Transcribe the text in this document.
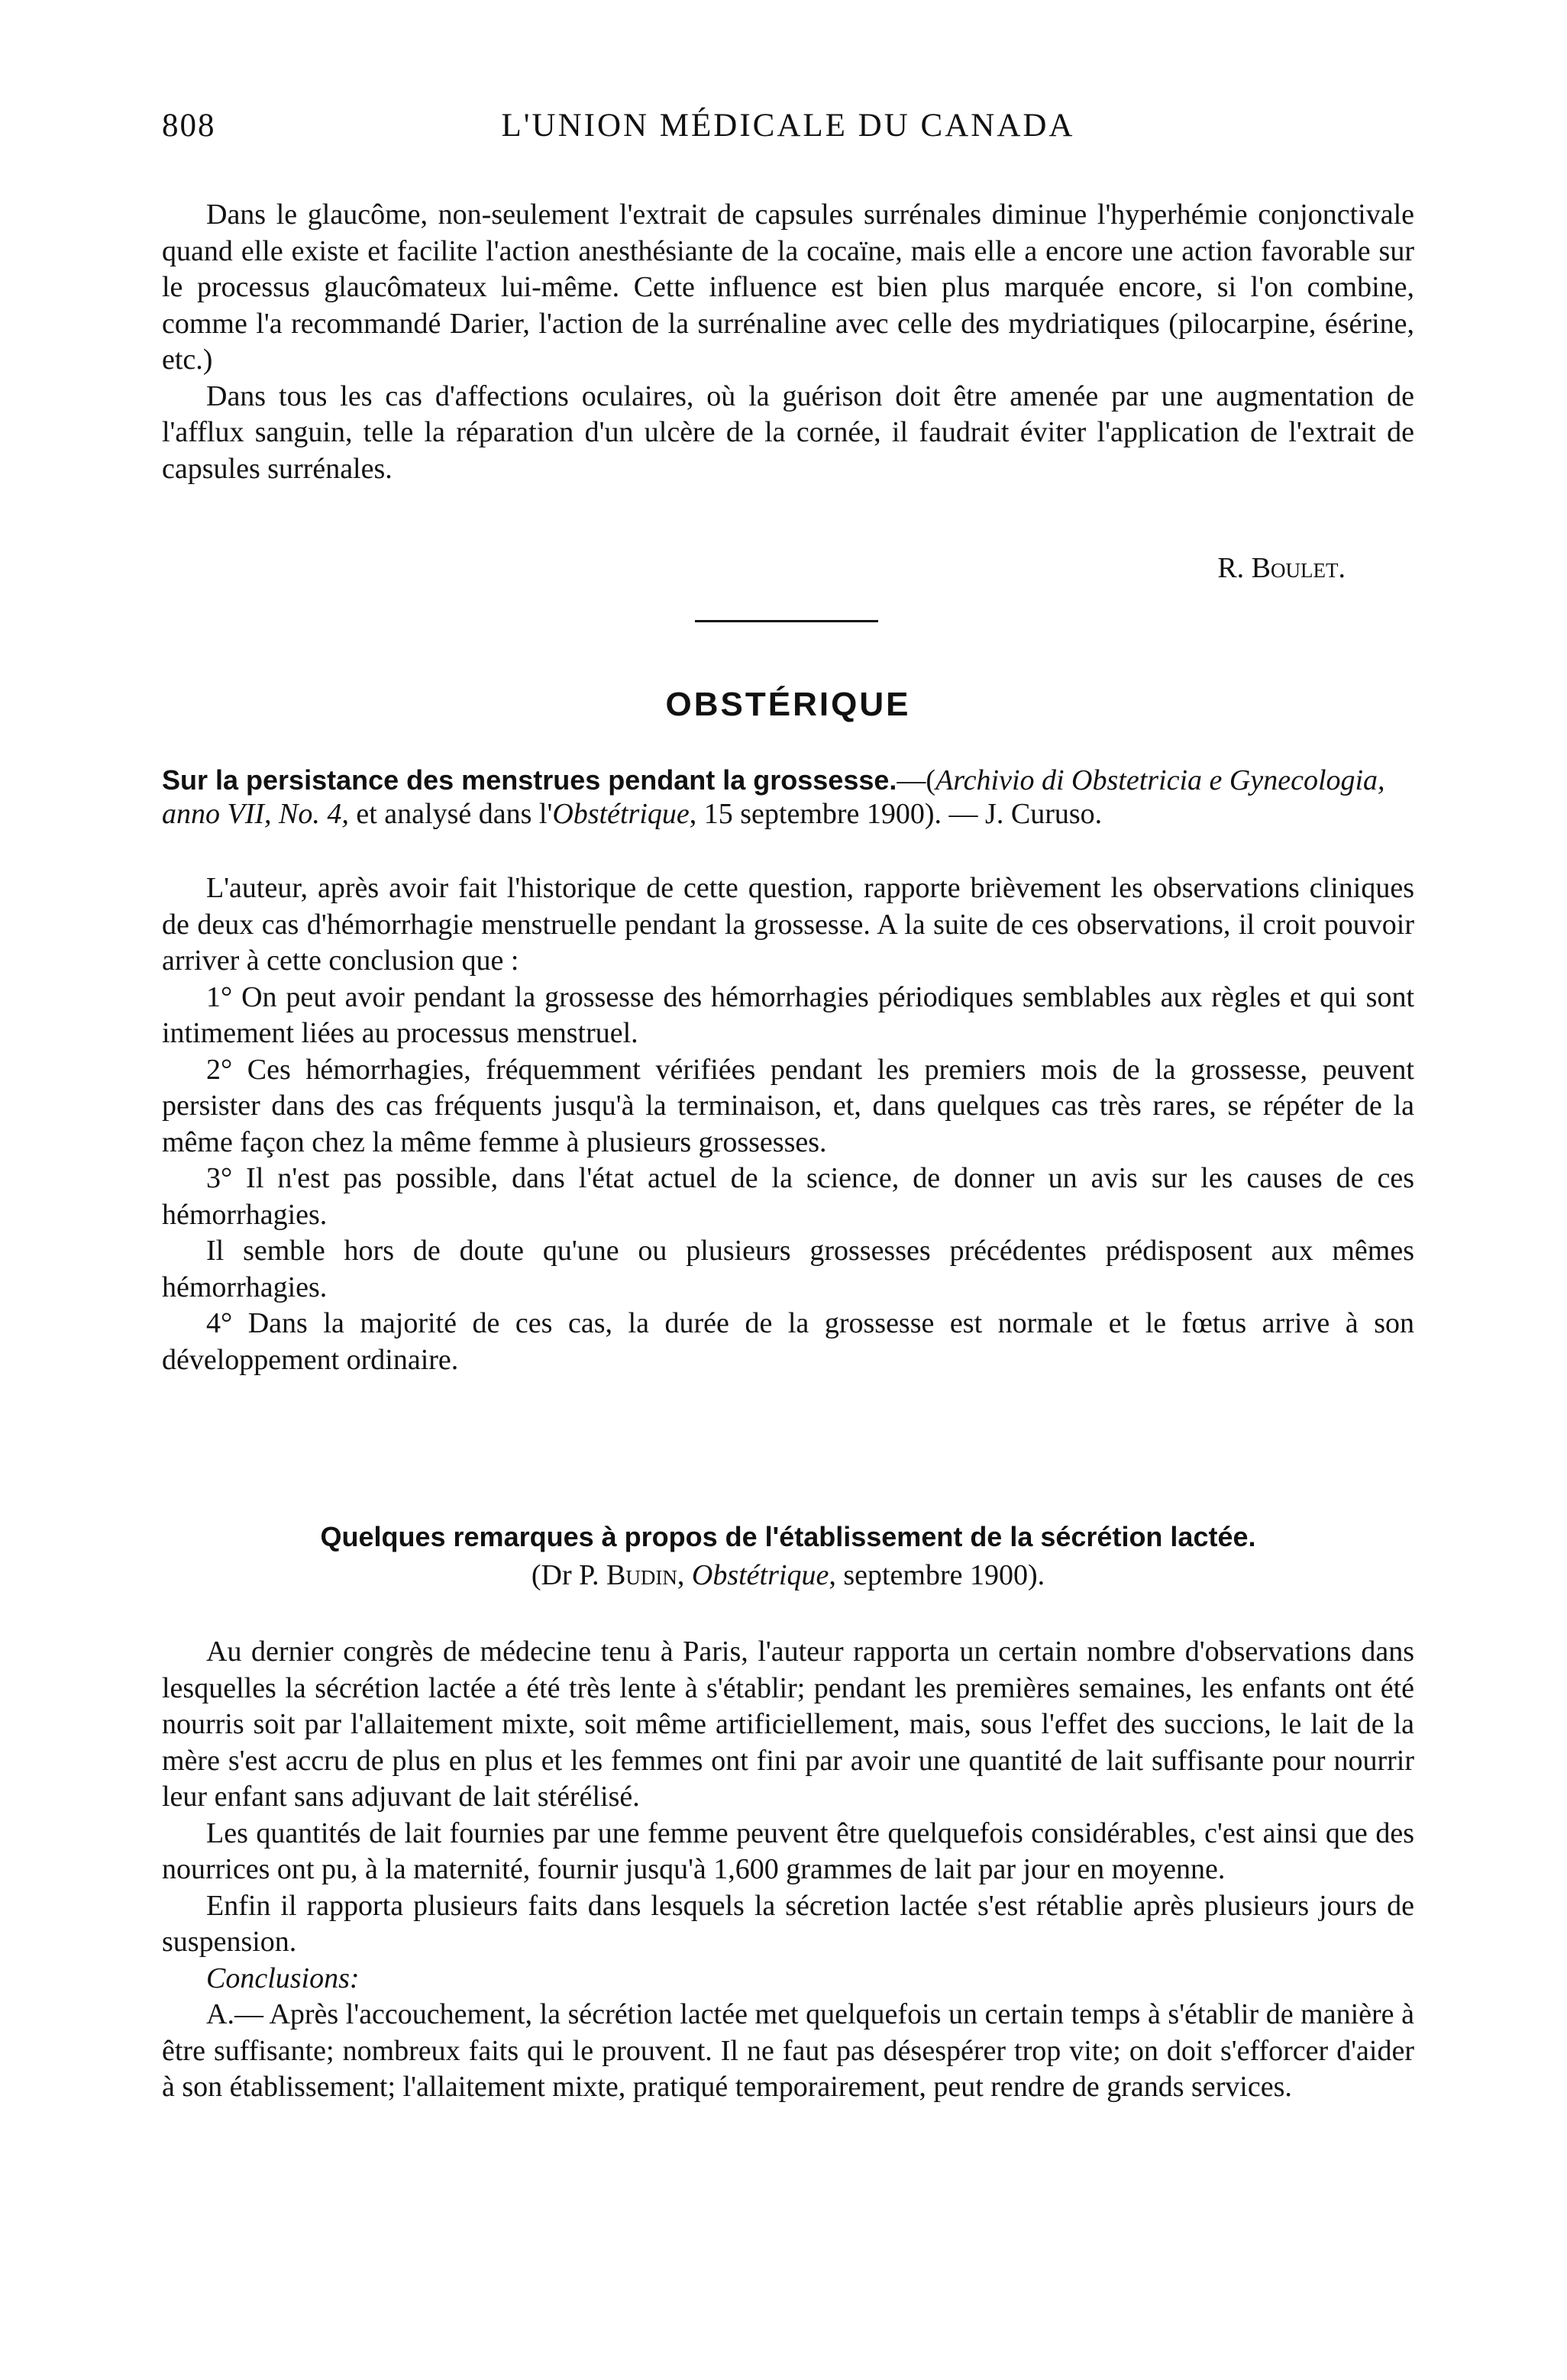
808	L'UNION MÉDICALE DU CANADA

Dans le glaucôme, non-seulement l'extrait de capsules surrénales diminue l'hyperhémie conjonctivale quand elle existe et facilite l'action anesthésiante de la cocaïne, mais elle a encore une action favorable sur le processus glaucômateux lui-même. Cette influence est bien plus marquée encore, si l'on combine, comme l'a recommandé Darier, l'action de la surrénaline avec celle des mydriatiques (pilocarpine, ésérine, etc.)

Dans tous les cas d'affections oculaires, où la guérison doit être amenée par une augmentation de l'afflux sanguin, telle la réparation d'un ulcère de la cornée, il faudrait éviter l'application de l'extrait de capsules surrénales.

R. Boulet.
OBSTÉRIQUE
Sur la persistance des menstrues pendant la grossesse.—(Archivio di Obstetricia e Gynecologia, anno VII, No. 4, et analysé dans l'Obstétrique, 15 septembre 1900). — J. Curuso.

L'auteur, après avoir fait l'historique de cette question, rapporte brièvement les observations cliniques de deux cas d'hémorrhagie menstruelle pendant la grossesse. A la suite de ces observations, il croit pouvoir arriver à cette conclusion que :

1° On peut avoir pendant la grossesse des hémorrhagies périodiques semblables aux règles et qui sont intimement liées au processus menstruel.

2° Ces hémorrhagies, fréquemment vérifiées pendant les premiers mois de la grossesse, peuvent persister dans des cas fréquents jusqu'à la terminaison, et, dans quelques cas très rares, se répéter de la même façon chez la même femme à plusieurs grossesses.

3° Il n'est pas possible, dans l'état actuel de la science, de donner un avis sur les causes de ces hémorrhagies.

Il semble hors de doute qu'une ou plusieurs grossesses précédentes prédisposent aux mêmes hémorrhagies.

4° Dans la majorité de ces cas, la durée de la grossesse est normale et le fœtus arrive à son développement ordinaire.

Quelques remarques à propos de l'établissement de la sécrétion lactée.
(Dr P. Budin, Obstétrique, septembre 1900).

Au dernier congrès de médecine tenu à Paris, l'auteur rapporta un certain nombre d'observations dans lesquelles la sécrétion lactée a été très lente à s'établir; pendant les premières semaines, les enfants ont été nourris soit par l'allaitement mixte, soit même artificiellement, mais, sous l'effet des succions, le lait de la mère s'est accru de plus en plus et les femmes ont fini par avoir une quantité de lait suffisante pour nourrir leur enfant sans adjuvant de lait stérélisé.

Les quantités de lait fournies par une femme peuvent être quelquefois considérables, c'est ainsi que des nourrices ont pu, à la maternité, fournir jusqu'à 1,600 grammes de lait par jour en moyenne.

Enfin il rapporta plusieurs faits dans lesquels la sécretion lactée s'est rétablie après plusieurs jours de suspension.

Conclusions:

A.— Après l'accouchement, la sécrétion lactée met quelquefois un certain temps à s'établir de manière à être suffisante; nombreux faits qui le prouvent. Il ne faut pas désespérer trop vite; on doit s'efforcer d'aider à son établissement; l'allaitement mixte, pratiqué temporairement, peut rendre de grands services.
